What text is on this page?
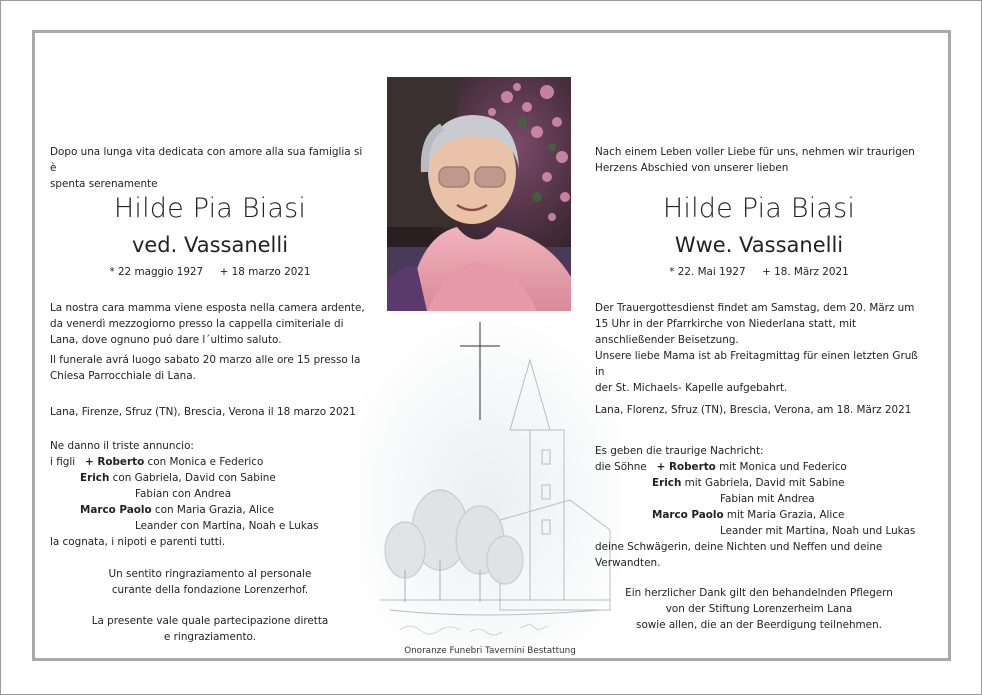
Dopo una lunga vita dedicata con amore alla sua famiglia si è

spenta serenamente

Hilde Pia Biasi
ved. Vassanelli
* 22 maggio 1927 + 18 marzo 2021

La nostra cara mamma viene esposta nella camera ardente,

da venerdì mezzogiorno presso la cappella cimiteriale di

Lana, dove ognuno puó dare l´ultimo saluto.

Il funerale avrá luogo sabato 20 marzo alle ore 15 presso la

Chiesa Parrocchiale di Lana.

Lana, Firenze, Sfruz (TN), Brescia, Verona il 18 marzo 2021

Ne danno il triste annuncio:

i figli + Roberto con Monica e Federico

Erich con Gabriela, David con Sabine

Fabian con Andrea

Marco Paolo con Maria Grazia, Alice

Leander con Martina, Noah e Lukas

la cognata, i nipoti e parenti tutti.

Un sentito ringraziamento al personale

curante della fondazione Lorenzerhof.

La presente vale quale partecipazione diretta

e ringraziamento.

Nach einem Leben voller Liebe für uns, nehmen wir traurigen

Herzens Abschied von unserer lieben

Hilde Pia Biasi
Wwe. Vassanelli
* 22. Mai 1927 + 18. März 2021

Der Trauergottesdienst findet am Samstag, dem 20. März um

15 Uhr in der Pfarrkirche von Niederlana statt, mit

anschließender Beisetzung.

Unsere liebe Mama ist ab Freitagmittag für einen letzten Gruß in

der St. Michaels- Kapelle aufgebahrt.

Lana, Florenz, Sfruz (TN), Brescia, Verona, am 18. März 2021

Es geben die traurige Nachricht:

die Söhne + Roberto mit Monica und Federico

Erich mit Gabriela, David mit Sabine

Fabian mit Andrea

Marco Paolo mit Maria Grazia, Alice

Leander mit Martina, Noah und Lukas

deine Schwägerin, deine Nichten und Neffen und deine

Verwandten.

Ein herzlicher Dank gilt den behandelnden Pflegern

von der Stiftung Lorenzerheim Lana

sowie allen, die an der Beerdigung teilnehmen.

Onoranze Funebri Tavernini Bestattung
